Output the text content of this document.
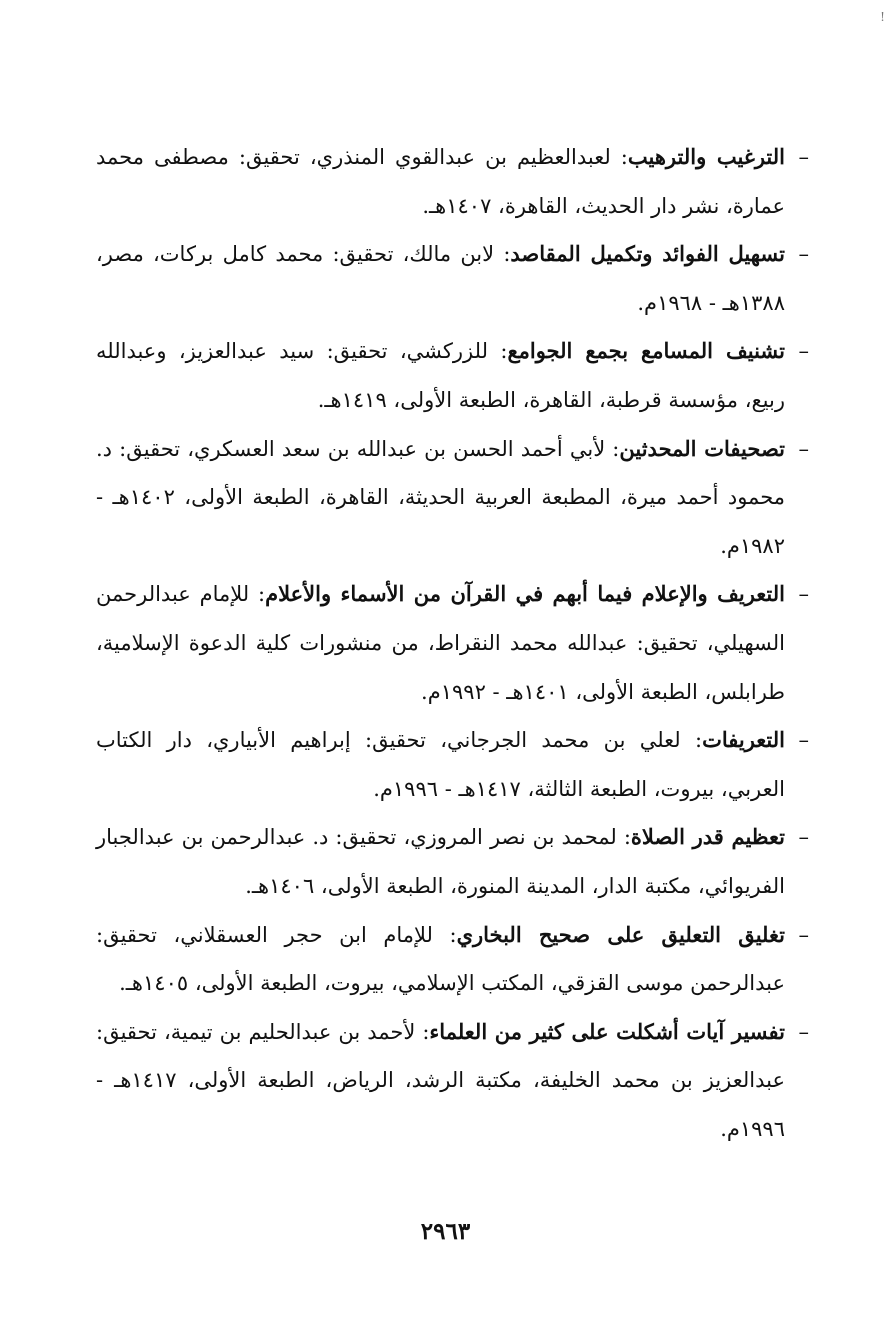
!
–الترغيب والترهيب: لعبدالعظيم بن عبدالقوي المنذري، تحقيق: مصطفى محمد عمارة، نشر دار الحديث، القاهرة، ١٤٠٧هـ.
–تسهيل الفوائد وتكميل المقاصد: لابن مالك، تحقيق: محمد كامل بركات، مصر، ١٣٨٨هـ - ١٩٦٨م.
–تشنيف المسامع بجمع الجوامع: للزركشي، تحقيق: سيد عبدالعزيز، وعبدالله ربيع، مؤسسة قرطبة، القاهرة، الطبعة الأولى، ١٤١٩هـ.
–تصحيفات المحدثين: لأبي أحمد الحسن بن عبدالله بن سعد العسكري، تحقيق: د. محمود أحمد ميرة، المطبعة العربية الحديثة، القاهرة، الطبعة الأولى، ١٤٠٢هـ - ١٩٨٢م.
–التعريف والإعلام فيما أبهم في القرآن من الأسماء والأعلام: للإمام عبدالرحمن السهيلي، تحقيق: عبدالله محمد النقراط، من منشورات كلية الدعوة الإسلامية، طرابلس، الطبعة الأولى، ١٤٠١هـ - ١٩٩٢م.
–التعريفات: لعلي بن محمد الجرجاني، تحقيق: إبراهيم الأبياري، دار الكتاب العربي، بيروت، الطبعة الثالثة، ١٤١٧هـ - ١٩٩٦م.
–تعظيم قدر الصلاة: لمحمد بن نصر المروزي، تحقيق: د. عبدالرحمن بن عبدالجبار الفريوائي، مكتبة الدار، المدينة المنورة، الطبعة الأولى، ١٤٠٦هـ.
–تغليق التعليق على صحيح البخاري: للإمام ابن حجر العسقلاني، تحقيق: عبدالرحمن موسى القزقي، المكتب الإسلامي، بيروت، الطبعة الأولى، ١٤٠٥هـ.
–تفسير آيات أشكلت على كثير من العلماء: لأحمد بن عبدالحليم بن تيمية، تحقيق: عبدالعزيز بن محمد الخليفة، مكتبة الرشد، الرياض، الطبعة الأولى، ١٤١٧هـ - ١٩٩٦م.
٢٩٦٣
